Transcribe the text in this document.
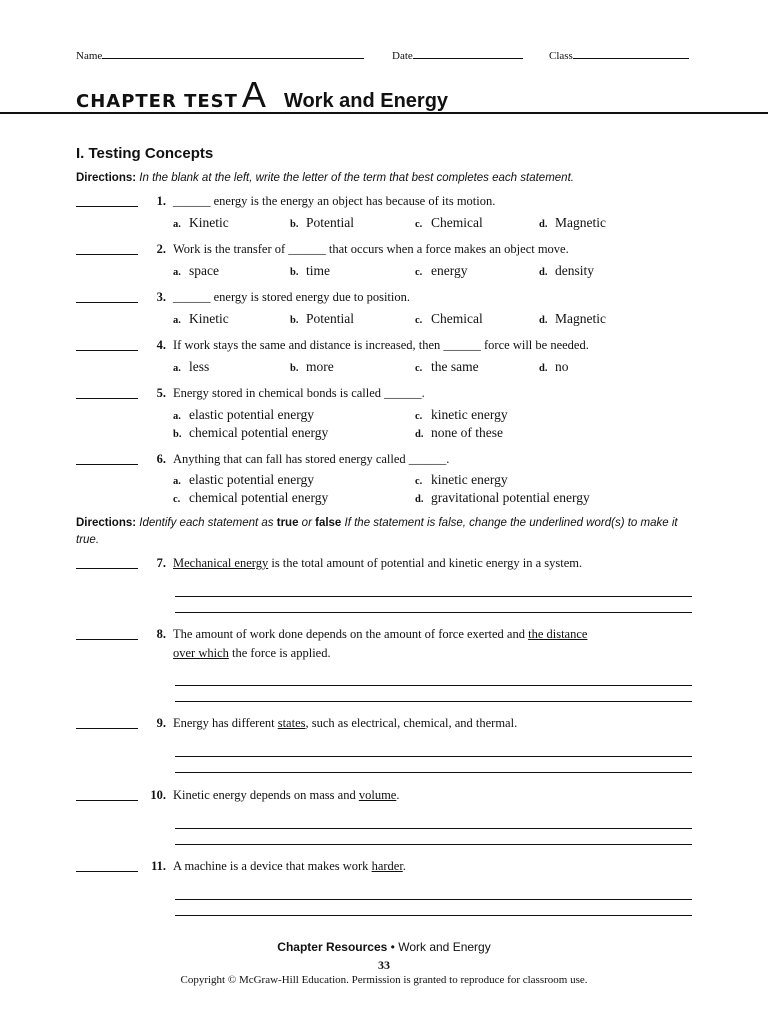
Name	Date	Class
CHAPTER TEST A Work and Energy
I. Testing Concepts
Directions: In the blank at the left, write the letter of the term that best completes each statement.
1. ______ energy is the energy an object has because of its motion.
a. Kinetic	b. Potential	c. Chemical	d. Magnetic
2. Work is the transfer of ______ that occurs when a force makes an object move.
a. space	b. time	c. energy	d. density
3. ______ energy is stored energy due to position.
a. Kinetic	b. Potential	c. Chemical	d. Magnetic
4. If work stays the same and distance is increased, then ______ force will be needed.
a. less	b. more	c. the same	d. no
5. Energy stored in chemical bonds is called ______.
a. elastic potential energy
b. chemical potential energy
c. kinetic energy
d. none of these
6. Anything that can fall has stored energy called ______.
a. elastic potential energy
c. chemical potential energy
c. kinetic energy
d. gravitational potential energy
Directions: Identify each statement as true or false If the statement is false, change the underlined word(s) to make it true.
7. Mechanical energy is the total amount of potential and kinetic energy in a system.
8. The amount of work done depends on the amount of force exerted and the distance
over which the force is applied.
9. Energy has different states, such as electrical, chemical, and thermal.
10. Kinetic energy depends on mass and volume.
11. A machine is a device that makes work harder.
Chapter Resources • Work and Energy
33
Copyright © McGraw-Hill Education. Permission is granted to reproduce for classroom use.
